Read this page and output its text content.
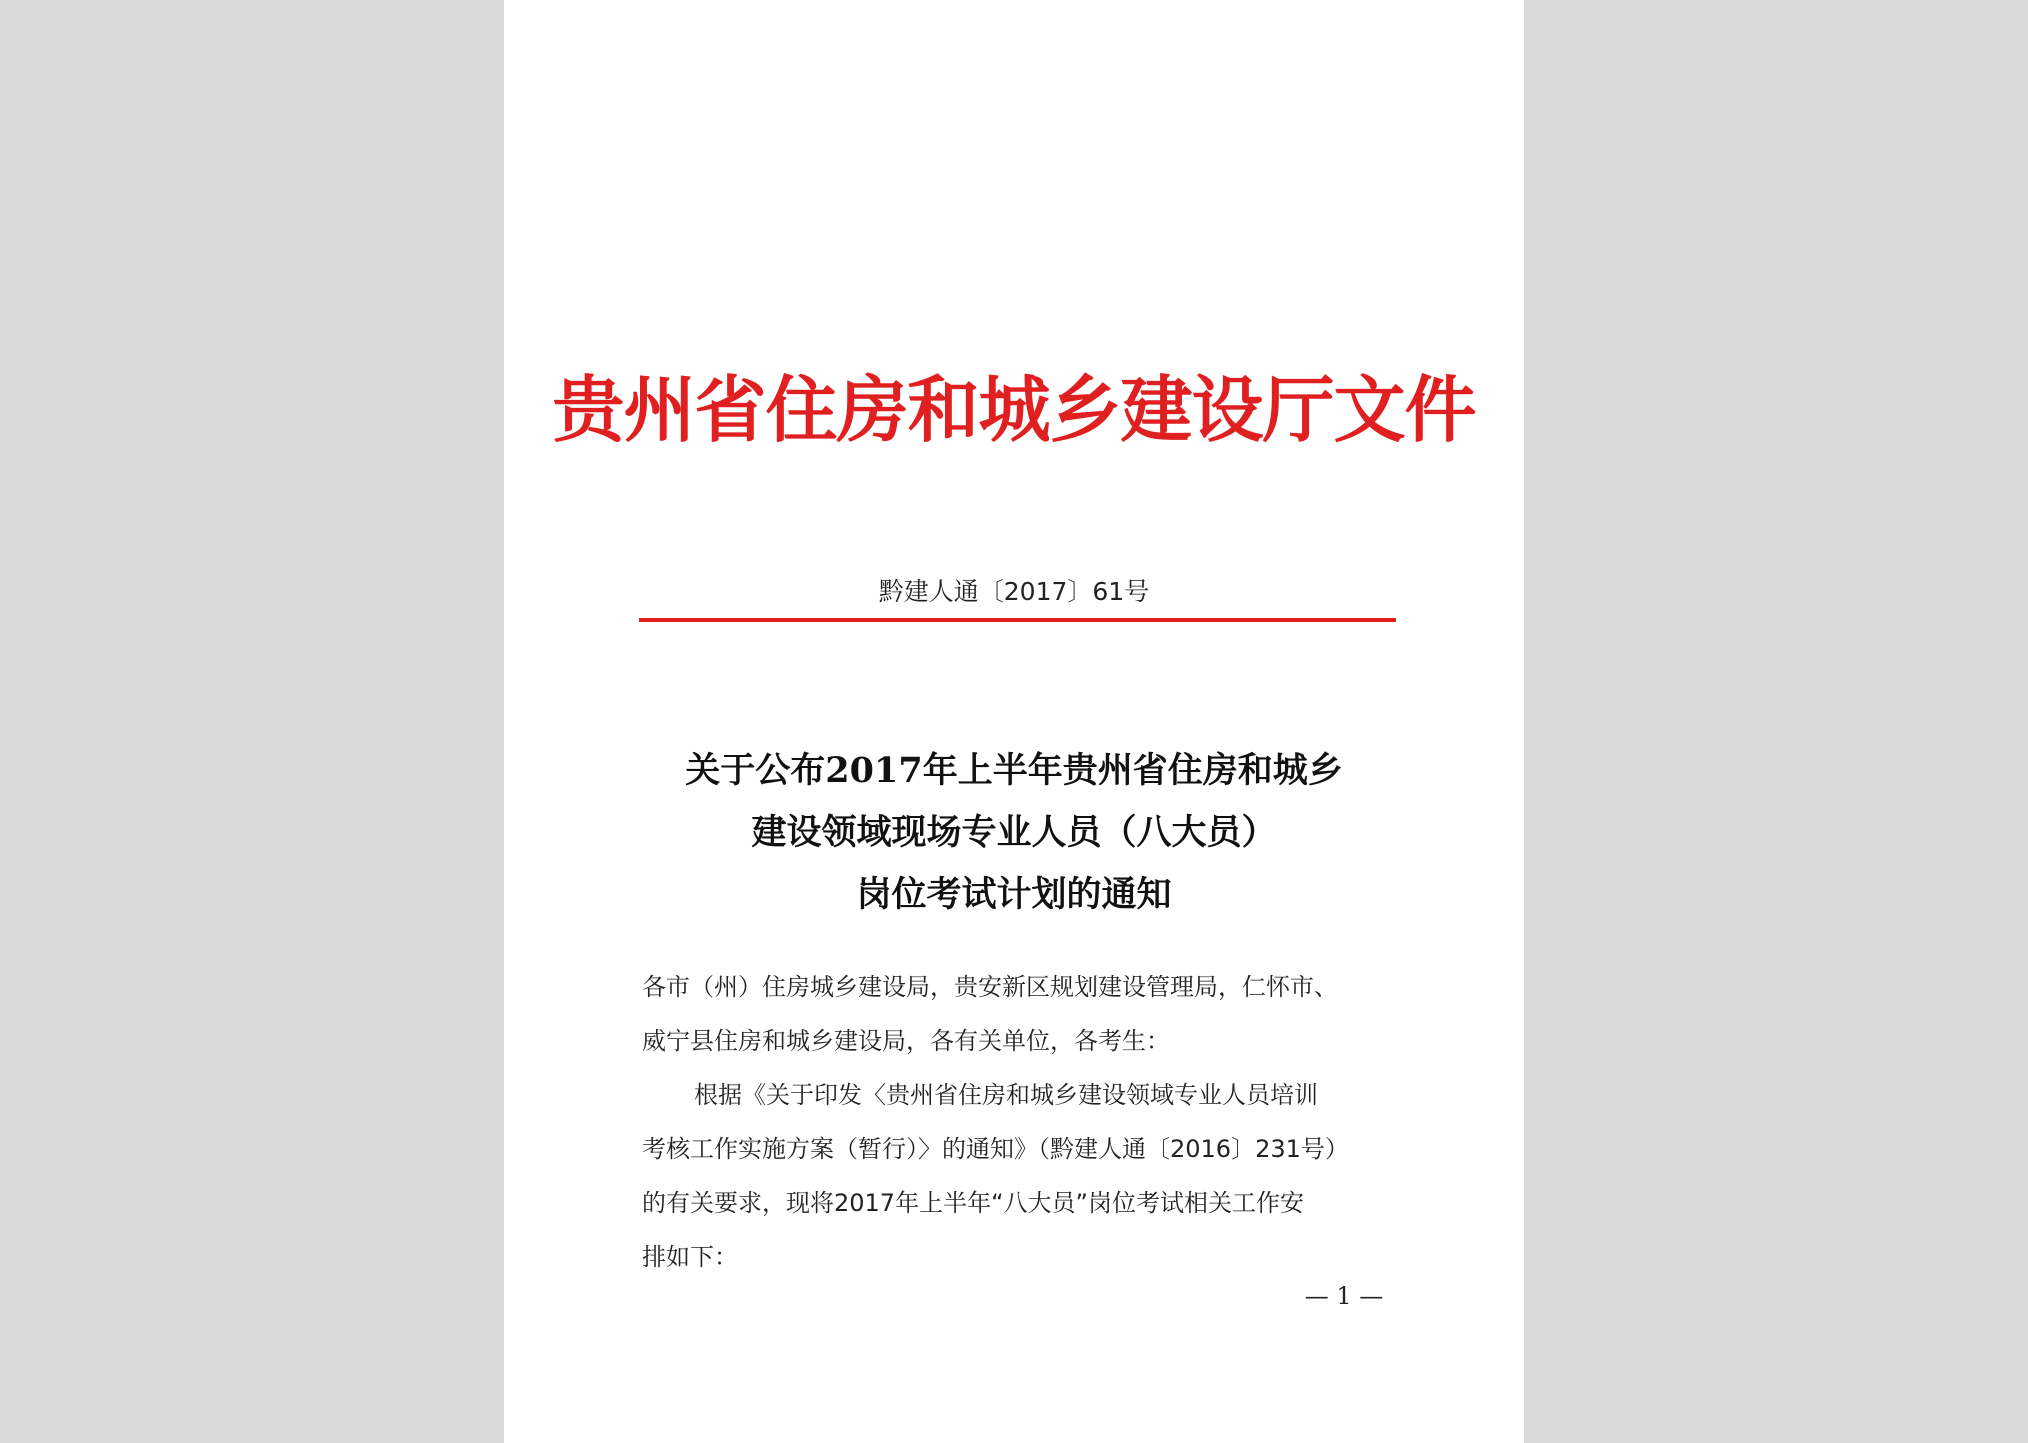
贵州省住房和城乡建设厅文件
黔建人通〔2017〕61号
关于公布2017年上半年贵州省住房和城乡
建设领域现场专业人员（八大员）
岗位考试计划的通知
各市（州）住房城乡建设局，贵安新区规划建设管理局，仁怀市、
威宁县住房和城乡建设局，各有关单位，各考生：
根据《关于印发〈贵州省住房和城乡建设领域专业人员培训
考核工作实施方案（暂行）〉的通知》（黔建人通〔2016〕231号）
的有关要求，现将2017年上半年“八大员”岗位考试相关工作安
排如下：
— 1 —
